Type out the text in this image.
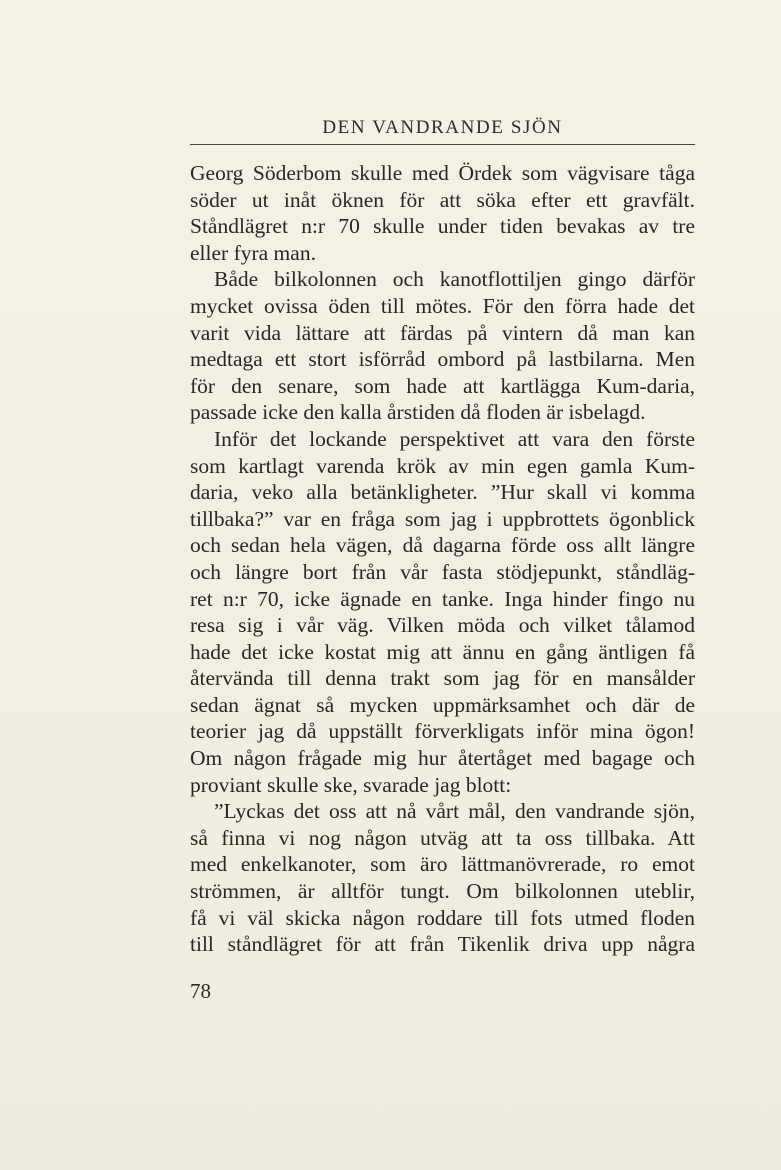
DEN VANDRANDE SJÖN
Georg Söderbom skulle med Ördek som vägvisare tåga
söder ut inåt öknen för att söka efter ett gravfält.
Ståndlägret n:r 70 skulle under tiden bevakas av tre
eller fyra man.
Både bilkolonnen och kanotflottiljen gingo därför
mycket ovissa öden till mötes. För den förra hade det
varit vida lättare att färdas på vintern då man kan
medtaga ett stort isförråd ombord på lastbilarna. Men
för den senare, som hade att kartlägga Kum-daria,
passade icke den kalla årstiden då floden är isbelagd.
Inför det lockande perspektivet att vara den förste
som kartlagt varenda krök av min egen gamla Kum-
daria, veko alla betänkligheter. ”Hur skall vi komma
tillbaka?” var en fråga som jag i uppbrottets ögonblick
och sedan hela vägen, då dagarna förde oss allt längre
och längre bort från vår fasta stödjepunkt, ståndläg-
ret n:r 70, icke ägnade en tanke. Inga hinder fingo nu
resa sig i vår väg. Vilken möda och vilket tålamod
hade det icke kostat mig att ännu en gång äntligen få
återvända till denna trakt som jag för en mansålder
sedan ägnat så mycken uppmärksamhet och där de
teorier jag då uppställt förverkligats inför mina ögon!
Om någon frågade mig hur återtåget med bagage och
proviant skulle ske, svarade jag blott:
”Lyckas det oss att nå vårt mål, den vandrande sjön,
så finna vi nog någon utväg att ta oss tillbaka. Att
med enkelkanoter, som äro lättmanövrerade, ro emot
strömmen, är alltför tungt. Om bilkolonnen uteblir,
få vi väl skicka någon roddare till fots utmed floden
till ståndlägret för att från Tikenlik driva upp några
78
